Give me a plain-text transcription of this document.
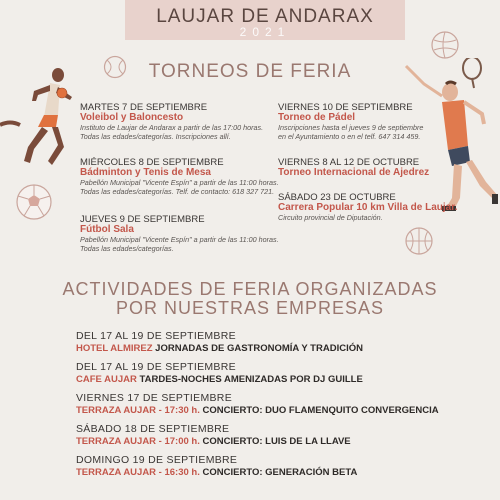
LAUJAR DE ANDARAX
2021
TORNEOS DE FERIA
MARTES 7 DE SEPTIEMBRE
Voleibol y Baloncesto
Instituto de Laujar de Andarax a partir de las 17:00 horas.
Todas las edades/categorías. Inscripciones allí.
MIÉRCOLES 8 DE SEPTIEMBRE
Bádminton y Tenis de Mesa
Pabellón Municipal "Vicente Espín" a partir de las 11:00 horas.
Todas las edades/categorías. Telf. de contacto: 618 327 721.
JUEVES 9 DE SEPTIEMBRE
Fútbol Sala
Pabellón Municipal "Vicente Espín" a partir de las 11:00 horas.
Todas las edades/categorías.
VIERNES 10 DE SEPTIEMBRE
Torneo de Pádel
Inscripciones hasta el jueves 9 de septiembre
en el Ayuntamiento o en el telf. 647 314 459.
VIERNES 8 AL 12 DE OCTUBRE
Torneo Internacional de Ajedrez
SÁBADO 23 DE OCTUBRE
Carrera Popular 10 km Villa de Laujar.
Circuito provincial de Diputación.
ACTIVIDADES DE FERIA ORGANIZADAS
POR NUESTRAS EMPRESAS
DEL 17 AL 19 DE SEPTIEMBRE
HOTEL ALMIREZ JORNADAS DE GASTRONOMÍA Y TRADICIÓN
DEL 17 AL 19 DE SEPTIEMBRE
CAFE AUJAR TARDES-NOCHES AMENIZADAS POR DJ GUILLE
VIERNES 17 DE SEPTIEMBRE
TERRAZA AUJAR - 17:30 h. CONCIERTO: DUO FLAMENQUITO CONVERGENCIA
SÁBADO 18 DE SEPTIEMBRE
TERRAZA AUJAR - 17:00 h. CONCIERTO: LUIS DE LA LLAVE
DOMINGO 19 DE SEPTIEMBRE
TERRAZA AUJAR - 16:30 h. CONCIERTO: GENERACIÓN BETA
